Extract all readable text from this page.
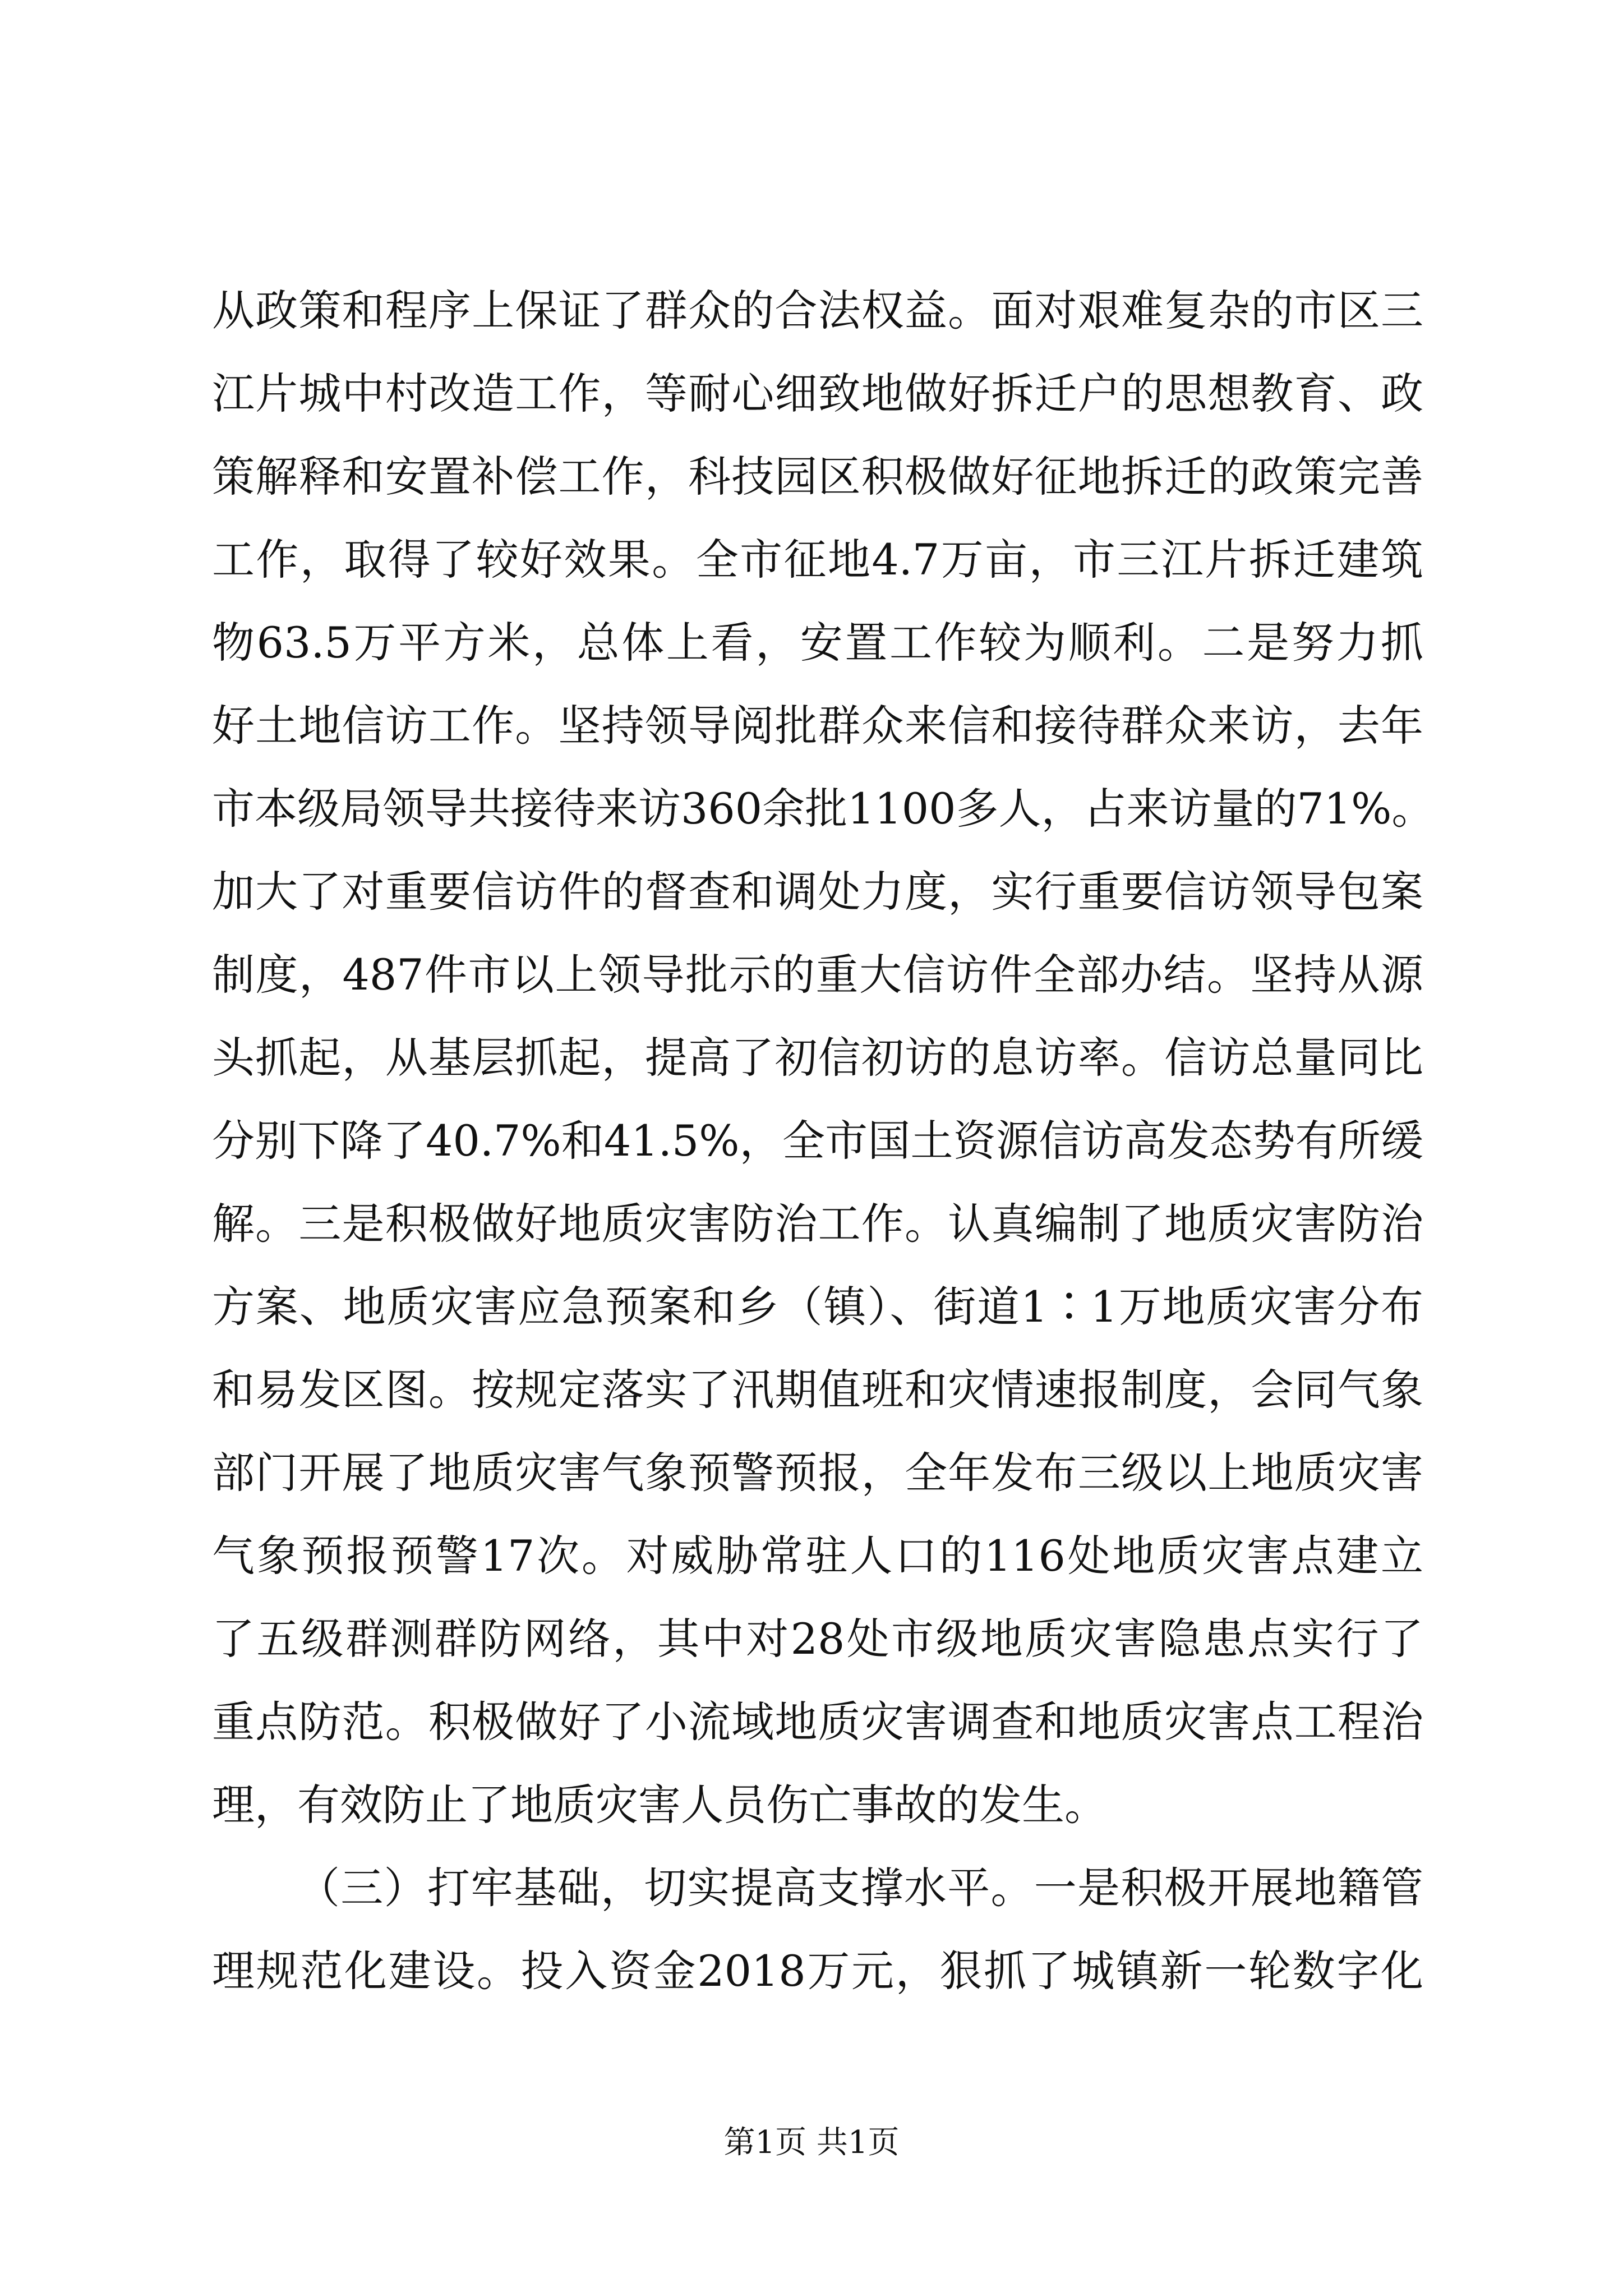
从政策和程序上保证了群众的合法权益。面对艰难复杂的市区三
江片城中村改造工作，等耐心细致地做好拆迁户的思想教育、政
策解释和安置补偿工作，科技园区积极做好征地拆迁的政策完善
工作，取得了较好效果。全市征地4.7万亩，市三江片拆迁建筑
物63.5万平方米，总体上看，安置工作较为顺利。二是努力抓
好土地信访工作。坚持领导阅批群众来信和接待群众来访，去年
市本级局领导共接待来访360余批1100多人，占来访量的71%。
加大了对重要信访件的督查和调处力度，实行重要信访领导包案
制度，487件市以上领导批示的重大信访件全部办结。坚持从源
头抓起，从基层抓起，提高了初信初访的息访率。信访总量同比
分别下降了40.7%和41.5%，全市国土资源信访高发态势有所缓
解。三是积极做好地质灾害防治工作。认真编制了地质灾害防治
方案、地质灾害应急预案和乡（镇）、街道1∶1万地质灾害分布
和易发区图。按规定落实了汛期值班和灾情速报制度，会同气象
部门开展了地质灾害气象预警预报，全年发布三级以上地质灾害
气象预报预警17次。对威胁常驻人口的116处地质灾害点建立
了五级群测群防网络，其中对28处市级地质灾害隐患点实行了
重点防范。积极做好了小流域地质灾害调查和地质灾害点工程治
理，有效防止了地质灾害人员伤亡事故的发生。
（三）打牢基础，切实提高支撑水平。一是积极开展地籍管
理规范化建设。投入资金2018万元，狠抓了城镇新一轮数字化
第1页 共1页
